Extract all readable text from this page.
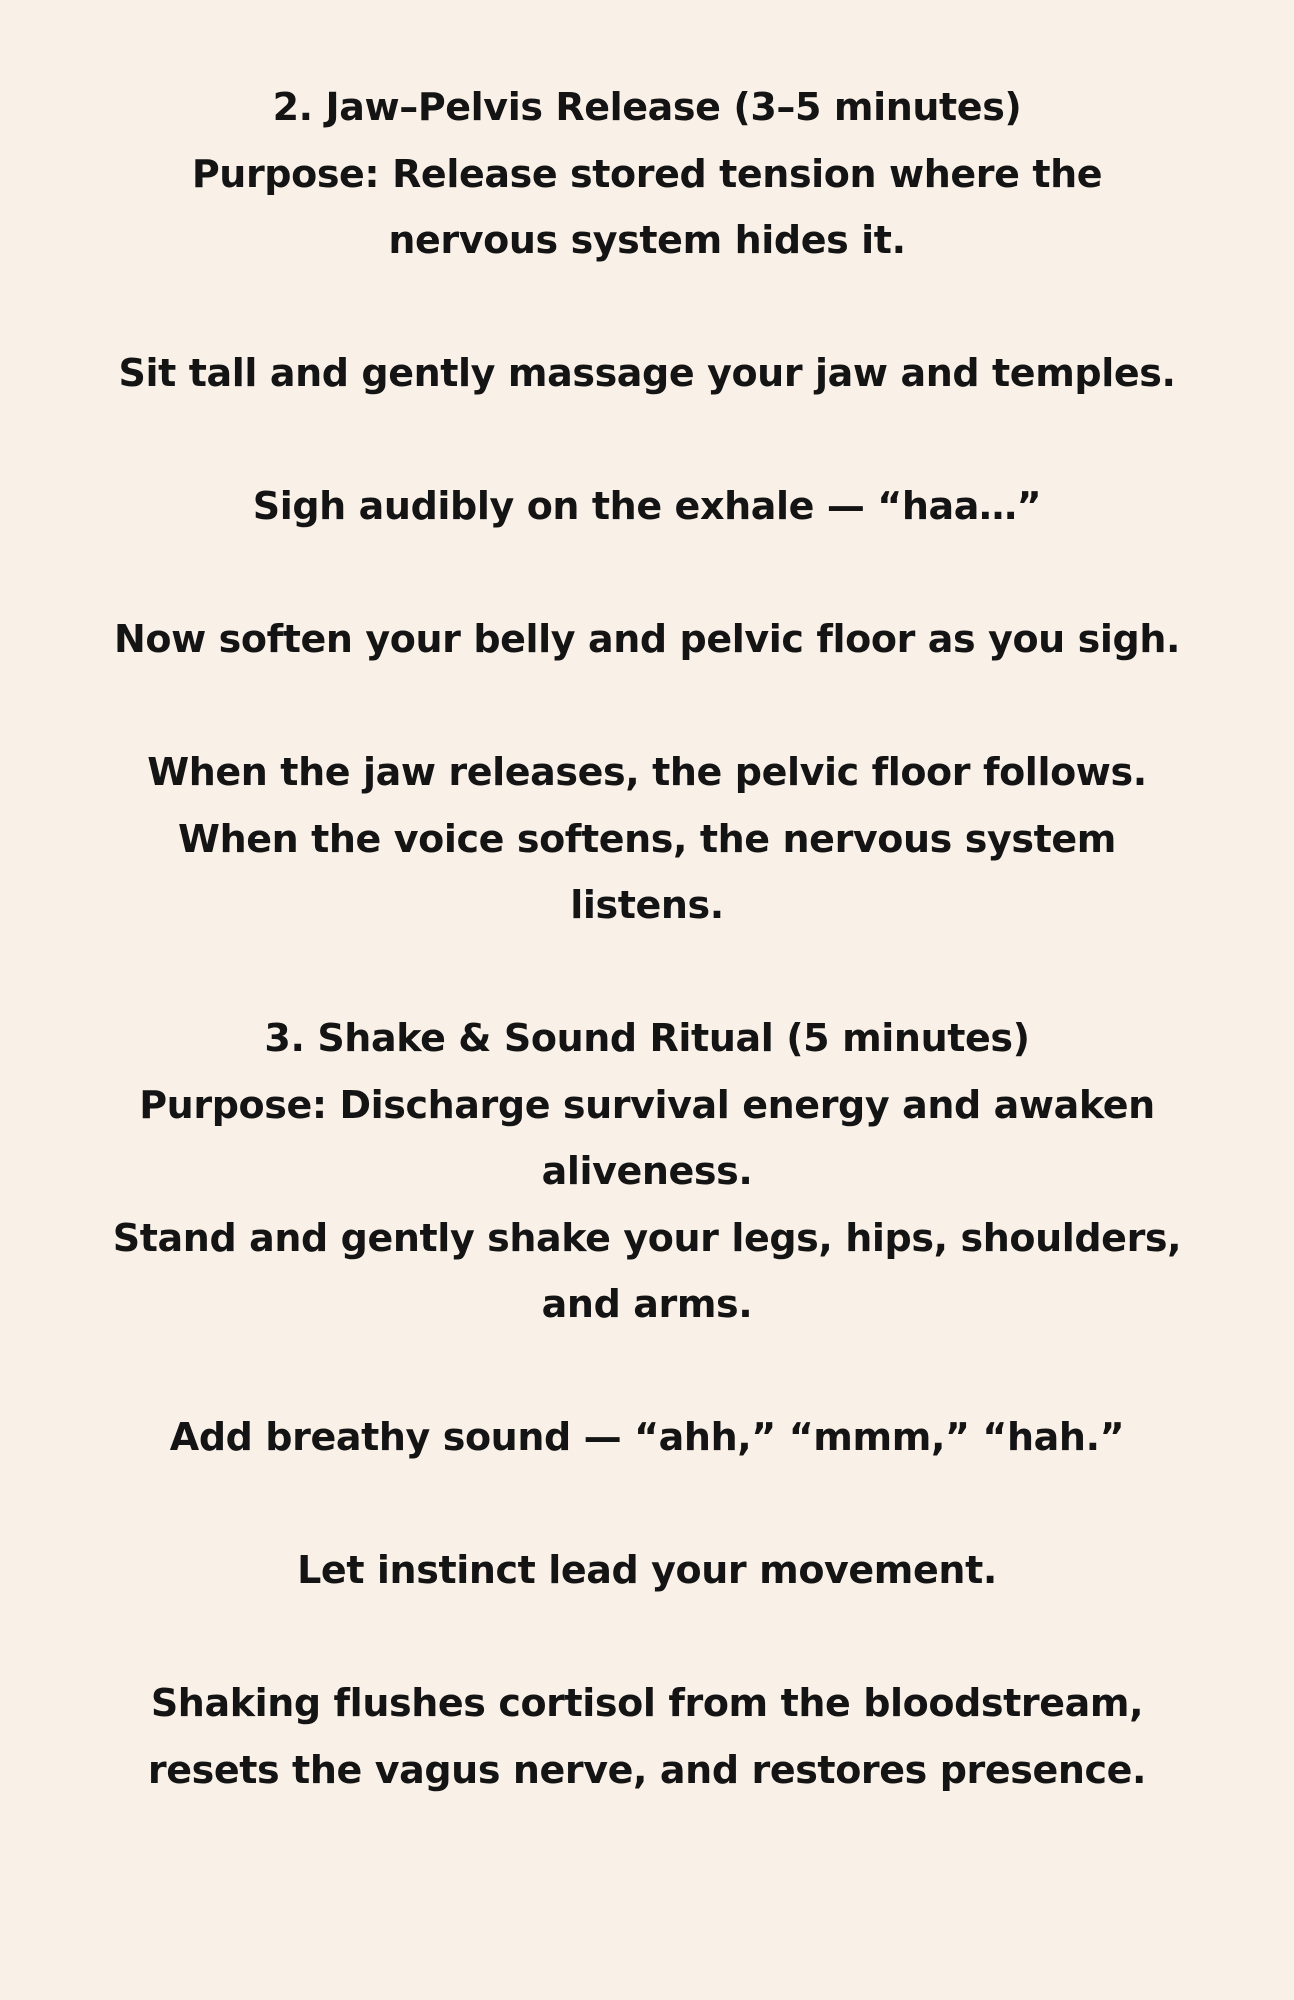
2. Jaw–Pelvis Release (3–5 minutes)
Purpose: Release stored tension where the
nervous system hides it.
Sit tall and gently massage your jaw and temples.
Sigh audibly on the exhale — “haa…”
Now soften your belly and pelvic floor as you sigh.
When the jaw releases, the pelvic floor follows.
When the voice softens, the nervous system
listens.
3. Shake & Sound Ritual (5 minutes)
Purpose: Discharge survival energy and awaken
aliveness.
Stand and gently shake your legs, hips, shoulders,
and arms.
Add breathy sound — “ahh,” “mmm,” “hah.”
Let instinct lead your movement.
Shaking flushes cortisol from the bloodstream,
resets the vagus nerve, and restores presence.
